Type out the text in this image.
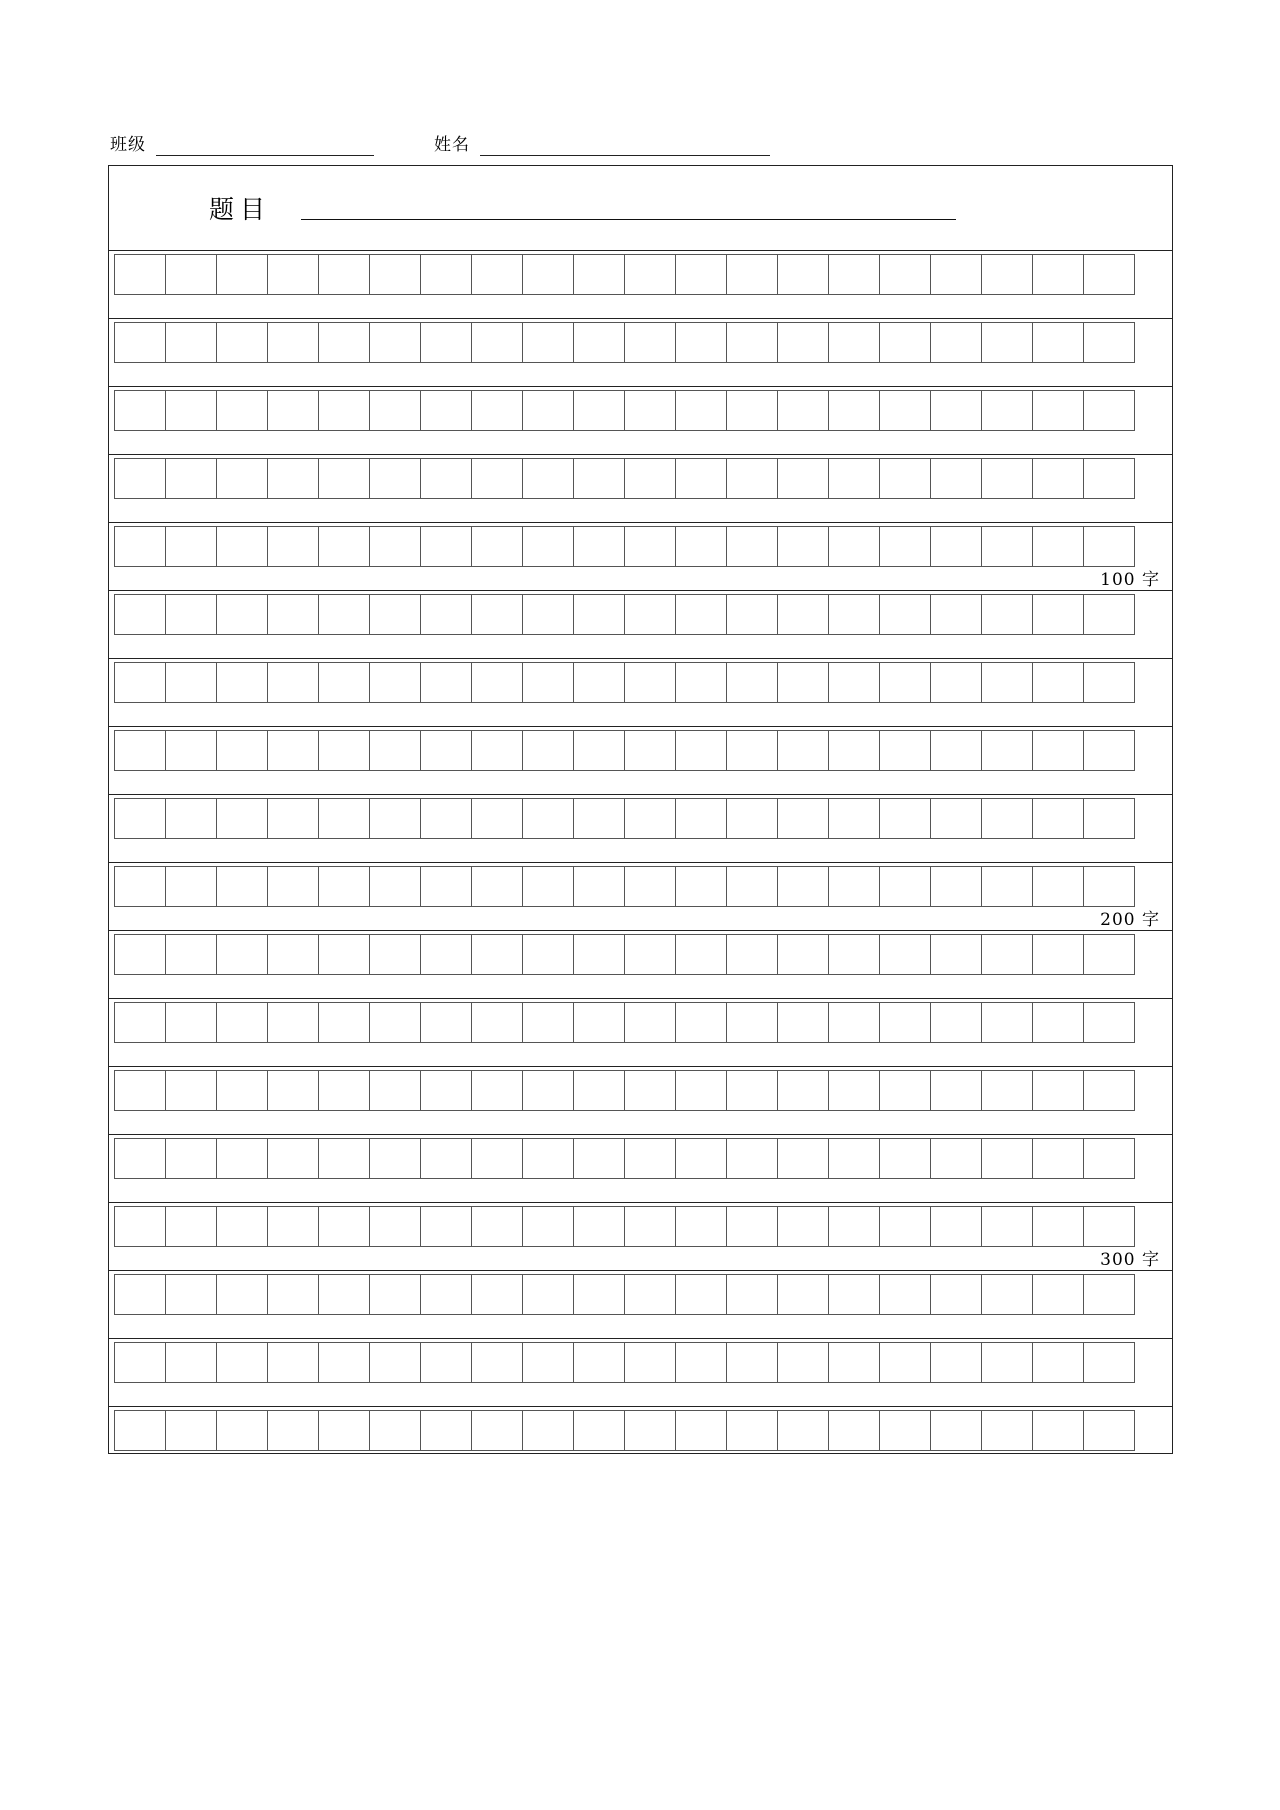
班级	姓名
题目
100 字
200 字
300 字
